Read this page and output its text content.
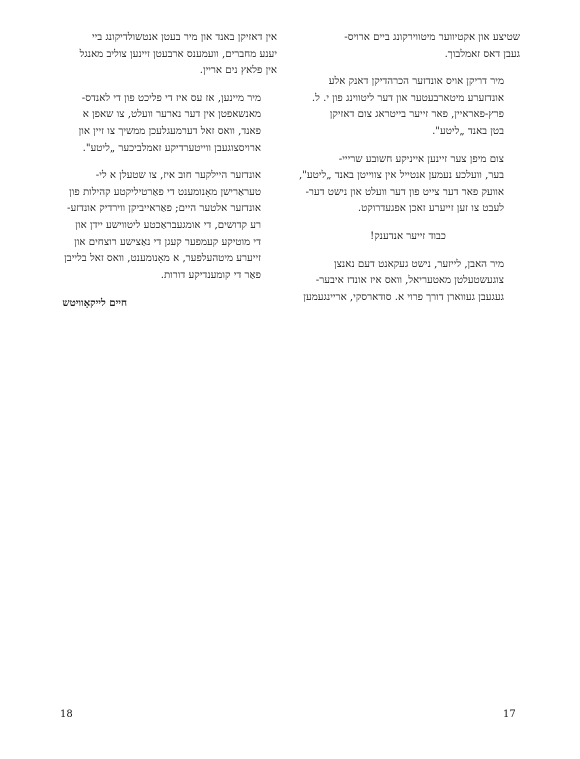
שטיצע און אקטיווער מיטווירקונג ביים ארויס-
געבן דאס זאמלבוך.
מיר דריקן אויס אונדזער הכרהדיקן דאנק אלע
אונדזערע מיטארבעטער און דער ליטווינג פון י. ל.
פרץ-פאראיין, פאר זייער בייטראג צום דאזיקן
בטן באנד „ליטע".
צום מיפן צער זיינען אייניקע חשובע שרייי-
בער, וועלכע נעמען אנטייל אין צווייטן באנד „ליטע",
אוועק פאר דער צייט פון דער וועלט און נישט דער-
לעבט צו זען זייערע זאכן אפגעדרוקט.
כבוד זייער אנדענק!
מיר האבן, לייזער, נישט געקאנט דעם נאנצן
צוגעשטעלטן מאטעריאל, וואס איז אונדז איבער-
געגעבן געווארן דורך פרוי א. סודארסקי, אריינגעמען
אין דאזיקן באנד און מיר בעטן אנטשולדיקונג ביי
יענע מחברים, וועמענס ארבעטן זיינען צוליב מאנגל
אין פלאץ נים אריין.
מיר מיינען, אז עס איז די פליכט פון די לאנדס-
מאנשאפטן אין דער נארער וועלט, צו שאפן א
פאנד, וואס זאל דערמעגלעכן ממשיך צו זיין און
ארויסצוגעבן ווייטערדיקע זאמלביכער „ליטע".
אונדזער היילקער חוב איז, צו שטעלן א לי-
טעראַרישן מאָנומענט די פאַרטיליקטע קהילות פון
אונדזער אלטער היים; פאַראייביקן ווירדיק אונדזע-
רע קדושים, די אומגעבראַכטע ליטווישע יידן און
די מוטיקע קעמפער קעגן די נאַצישע רוצחים און
זייערע מיטהעלפער, א מאָנומענט, וואס זאל בלייבן
פאַר די קומענדיקע דורות.
חיים לייקאָוויטש
18	17
